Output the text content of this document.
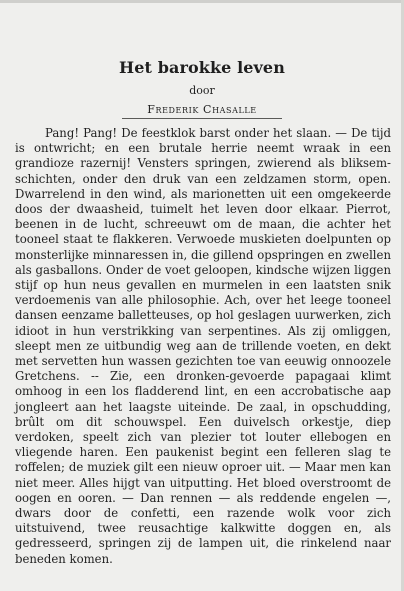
Het barokke leven
door
Frederik Chasalle
Pang! Pang! De feestklok barst onder het slaan. — De tijd is ontwricht; en een brutale herrie neemt wraak in een grandioze razernij! Vensters springen, zwierend als bliksemschichten, onder den druk van een zeldzamen storm, open. Dwarrelend in den wind, als marionetten uit een omgekeerde doos der dwaasheid, tuimelt het leven door elkaar. Pierrot, beenen in de lucht, schreeuwt om de maan, die achter het tooneel staat te flakkeren. Verwoede muskieten doelpunten op monsterlijke minnaressen in, die gillend opspringen en zwellen als gasballons. Onder de voet geloopen, kindsche wijzen liggen stijf op hun neus gevallen en murmelen in een laatsten snik verdoemenis van alle philosophie. Ach, over het leege tooneel dansen eenzame balletteuses, op hol geslagen uurwerken, zich idioot in hun verstrikking van serpentines. Als zij omliggen, sleept men ze uitbundig weg aan de trillende voeten, en dekt met servetten hun wassen gezichten toe van eeuwig onnoozele Gretchens. -- Zie, een dronken-gevoerde papagaai klimt omhoog in een los fladderend lint, en een accrobatische aap jongleert aan het laagste uiteinde. De zaal, in opschudding, brûlt om dit schouwspel. Een duivelsch orkestje, diep verdoken, speelt zich van plezier tot louter ellebogen en vliegende haren. Een paukenist begint een felleren slag te roffelen; de muziek gilt een nieuw oproer uit. — Maar men kan niet meer. Alles hijgt van uitputting. Het bloed overstroomt de oogen en ooren. — Dan rennen — als reddende engelen —, dwars door de confetti, een razende wolk voor zich uitstuivend, twee reusachtige kalkwitte doggen en, als gedresseerd, springen zij de lampen uit, die rinkelend naar beneden komen.
